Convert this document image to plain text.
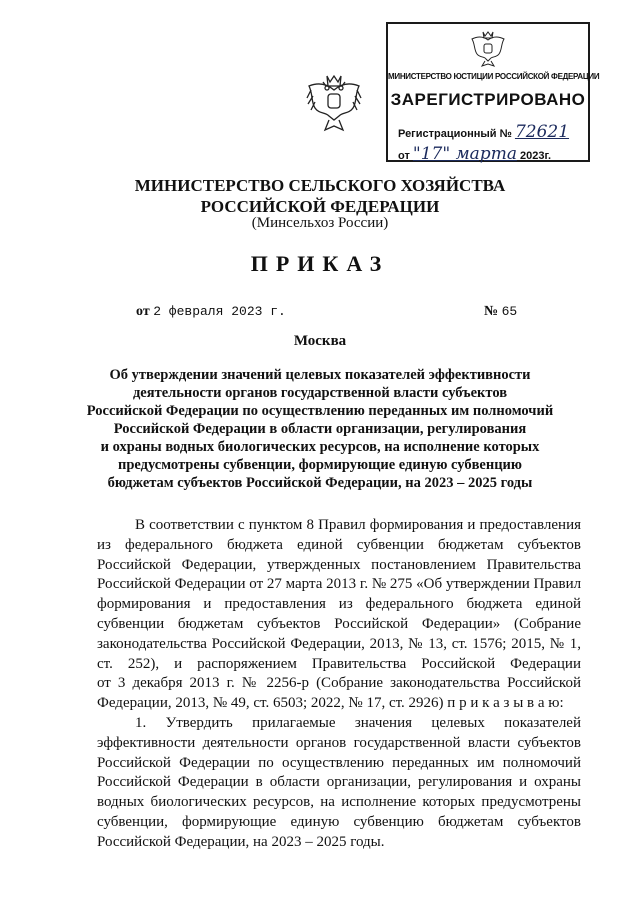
МИНИСТЕРСТВО ЮСТИЦИИ РОССИЙСКОЙ ФЕДЕРАЦИИ
ЗАРЕГИСТРИРОВАНО
Регистрационный № 72621
от "17" марта 2023г.
МИНИСТЕРСТВО СЕЛЬСКОГО ХОЗЯЙСТВА
РОССИЙСКОЙ ФЕДЕРАЦИИ
(Минсельхоз России)
ПРИКАЗ
от 2 февраля 2023 г.	№ 65
Москва
Об утверждении значений целевых показателей эффективности
деятельности органов государственной власти субъектов
Российской Федерации по осуществлению переданных им полномочий
Российской Федерации в области организации, регулирования
и охраны водных биологических ресурсов, на исполнение которых
предусмотрены субвенции, формирующие единую субвенцию
бюджетам субъектов Российской Федерации, на 2023 – 2025 годы
В соответствии с пунктом 8 Правил формирования и предоставления
из федерального бюджета единой субвенции бюджетам субъектов
Российской Федерации, утвержденных постановлением Правительства
Российской Федерации от 27 марта 2013 г. № 275 «Об утверждении Правил
формирования и предоставления из федерального бюджета единой
субвенции бюджетам субъектов Российской Федерации» (Собрание
законодательства Российской Федерации, 2013, № 13, ст. 1576; 2015, № 1,
ст. 252), и распоряжением Правительства Российской Федерации
от 3 декабря 2013 г. № 2256-р (Собрание законодательства Российской
Федерации, 2013, № 49, ст. 6503; 2022, № 17, ст. 2926) п р и к а з ы в а ю:
1. Утвердить прилагаемые значения целевых показателей
эффективности деятельности органов государственной власти субъектов
Российской Федерации по осуществлению переданных им полномочий
Российской Федерации в области организации, регулирования и охраны
водных биологических ресурсов, на исполнение которых предусмотрены
субвенции, формирующие единую субвенцию бюджетам субъектов
Российской Федерации, на 2023 – 2025 годы.
